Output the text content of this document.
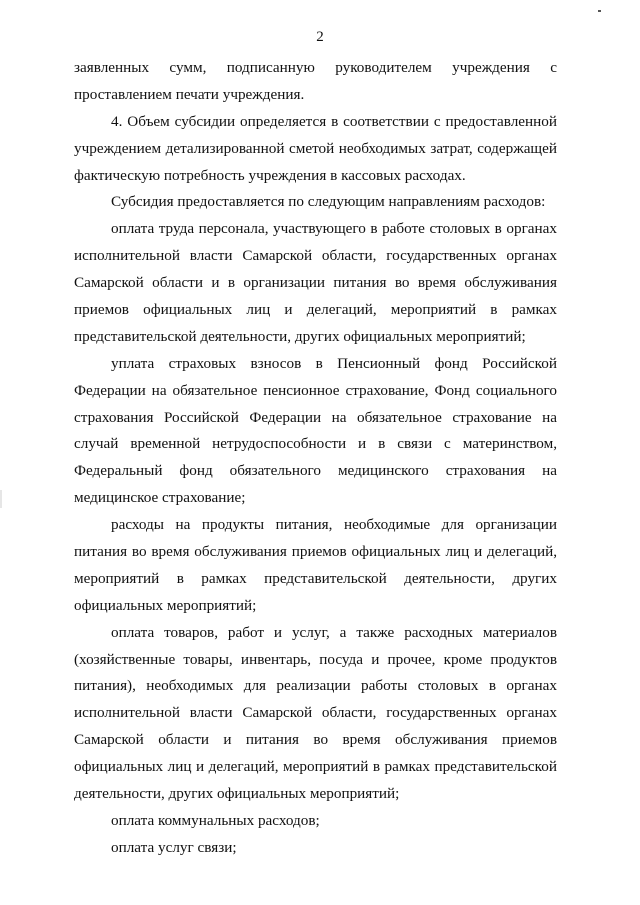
2
заявленных сумм, подписанную руководителем учреждения с
проставлением печати учреждения.
4. Объем субсидии определяется в соответствии с предоставленной
учреждением детализированной сметой необходимых затрат, содержащей
фактическую потребность учреждения в кассовых расходах.
Субсидия предоставляется по следующим направлениям расходов:
оплата труда персонала, участвующего в работе столовых в органах
исполнительной власти Самарской области, государственных органах
Самарской области и в организации питания во время обслуживания
приемов официальных лиц и делегаций, мероприятий в рамках
представительской деятельности, других официальных мероприятий;
уплата страховых взносов в Пенсионный фонд Российской
Федерации на обязательное пенсионное страхование, Фонд социального
страхования Российской Федерации на обязательное страхование на
случай временной нетрудоспособности и в связи с материнством,
Федеральный фонд обязательного медицинского страхования на
медицинское страхование;
расходы на продукты питания, необходимые для организации
питания во время обслуживания приемов официальных лиц и делегаций,
мероприятий в рамках представительской деятельности, других
официальных мероприятий;
оплата товаров, работ и услуг, а также расходных материалов
(хозяйственные товары, инвентарь, посуда и прочее, кроме продуктов
питания), необходимых для реализации работы столовых в органах
исполнительной власти Самарской области, государственных органах
Самарской области и питания во время обслуживания приемов
официальных лиц и делегаций, мероприятий в рамках представительской
деятельности, других официальных мероприятий;
оплата коммунальных расходов;
оплата услуг связи;
